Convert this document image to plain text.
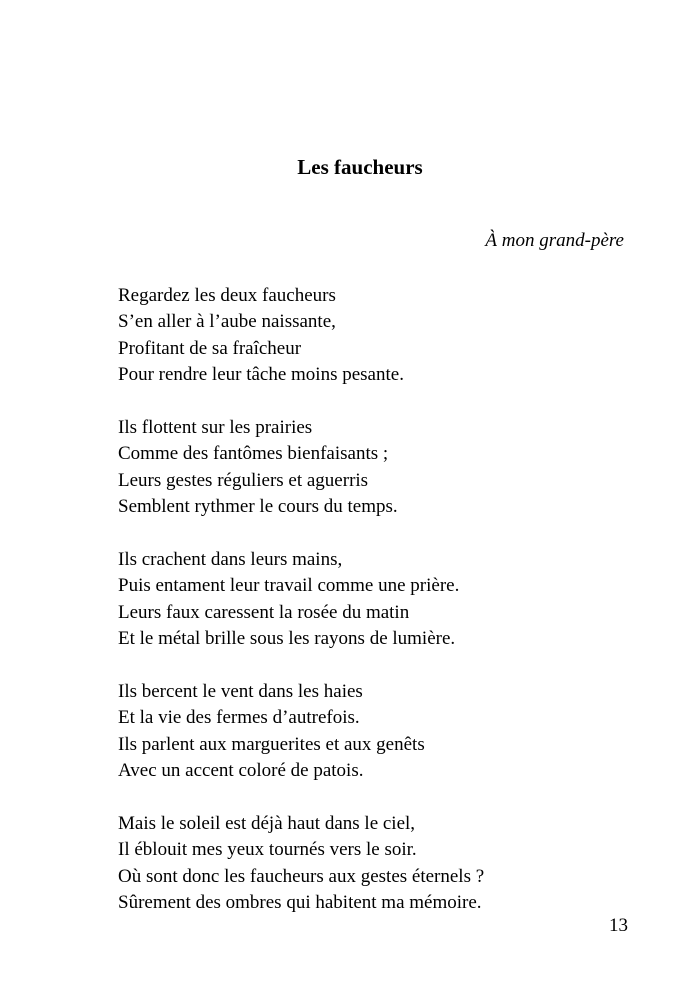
Les faucheurs
À mon grand-père
Regardez les deux faucheurs
S’en aller à l’aube naissante,
Profitant de sa fraîcheur
Pour rendre leur tâche moins pesante.
Ils flottent sur les prairies
Comme des fantômes bienfaisants ;
Leurs gestes réguliers et aguerris
Semblent rythmer le cours du temps.
Ils crachent dans leurs mains,
Puis entament leur travail comme une prière.
Leurs faux caressent la rosée du matin
Et le métal brille sous les rayons de lumière.
Ils bercent le vent dans les haies
Et la vie des fermes d’autrefois.
Ils parlent aux marguerites et aux genêts
Avec un accent coloré de patois.
Mais le soleil est déjà haut dans le ciel,
Il éblouit mes yeux tournés vers le soir.
Où sont donc les faucheurs aux gestes éternels ?
Sûrement des ombres qui habitent ma mémoire.
13
